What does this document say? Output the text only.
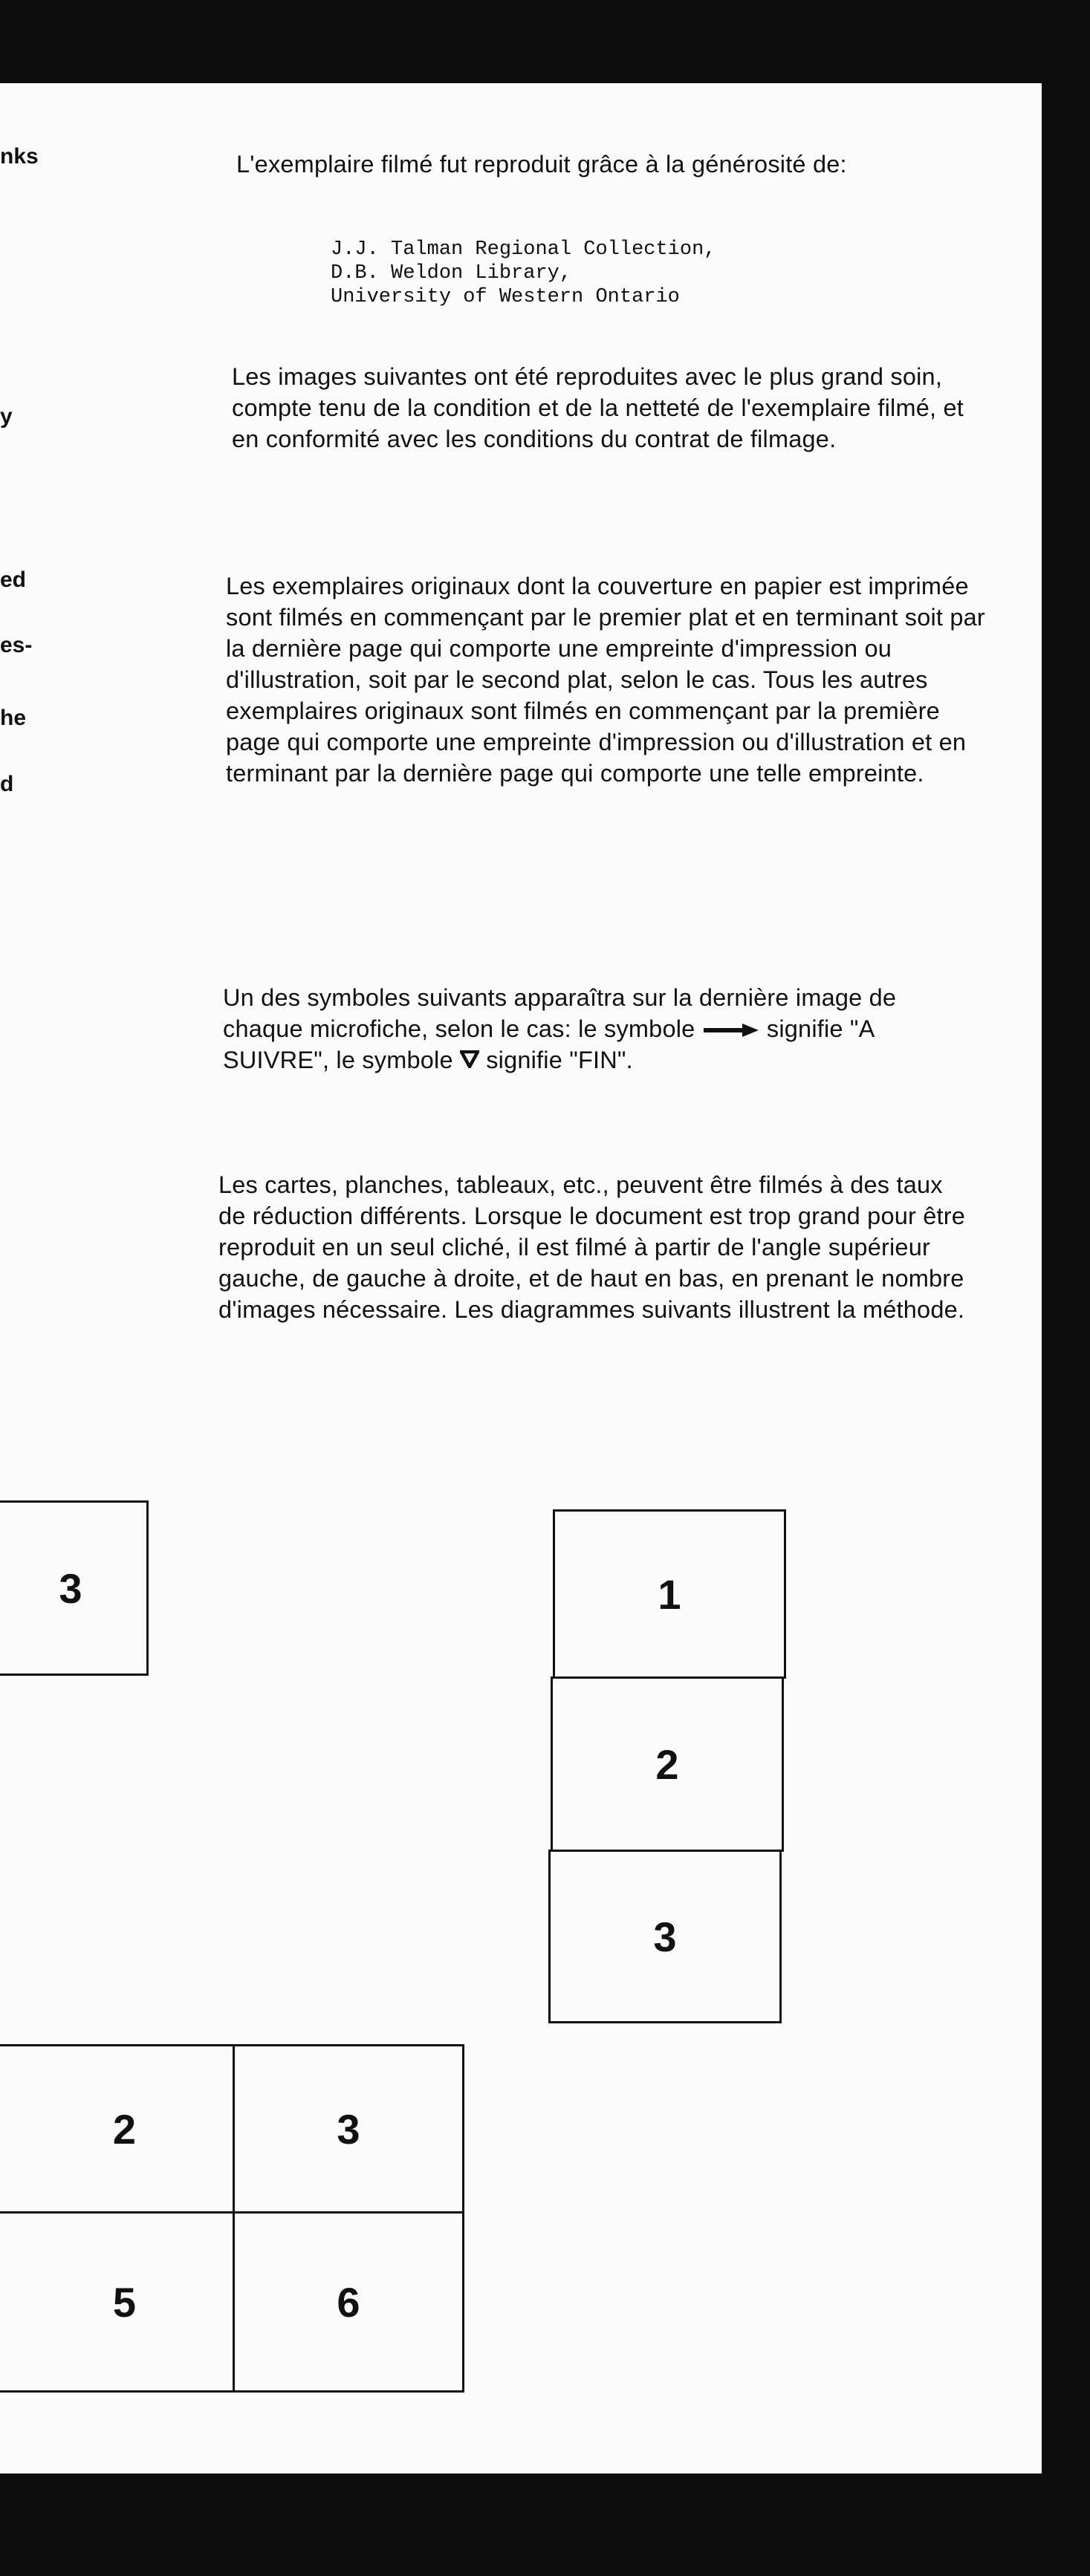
nks
y
ed
es-
he
d

L'exemplaire filmé fut reproduit grâce à la générosité de:

J.J. Talman Regional Collection,
D.B. Weldon Library,
University of Western Ontario

Les images suivantes ont été reproduites avec le plus grand soin, compte tenu de la condition et de la netteté de l'exemplaire filmé, et en conformité avec les conditions du contrat de filmage.

Les exemplaires originaux dont la couverture en papier est imprimée sont filmés en commençant par le premier plat et en terminant soit par la dernière page qui comporte une empreinte d'impression ou d'illustration, soit par le second plat, selon le cas. Tous les autres exemplaires originaux sont filmés en commençant par la première page qui comporte une empreinte d'impression ou d'illustration et en terminant par la dernière page qui comporte une telle empreinte.

Un des symboles suivants apparaîtra sur la dernière image de chaque microfiche, selon le cas: le symbole	signifie "A SUIVRE", le symbole signifie "FIN".

Les cartes, planches, tableaux, etc., peuvent être filmés à des taux de réduction différents. Lorsque le document est trop grand pour être reproduit en un seul cliché, il est filmé à partir de l'angle supérieur gauche, de gauche à droite, et de haut en bas, en prenant le nombre d'images nécessaire. Les diagrammes suivants illustrent la méthode.

3	1
2
3
2	3
5	6
